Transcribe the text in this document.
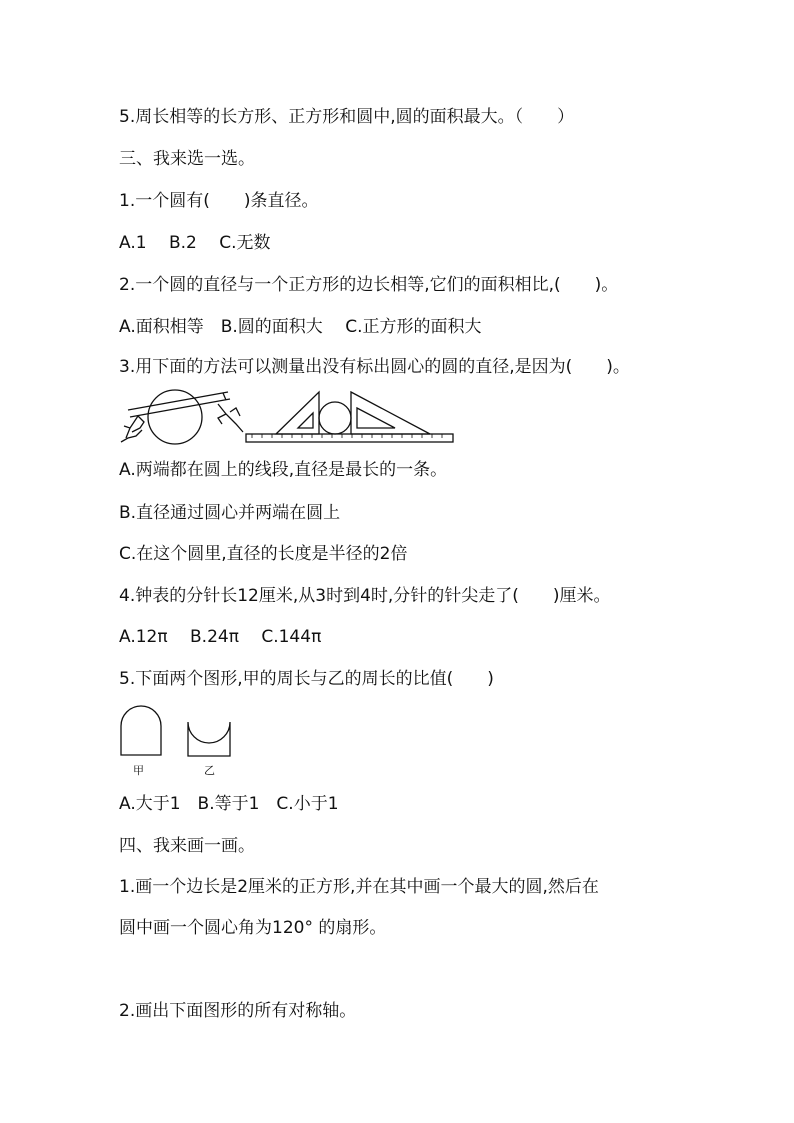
5.周长相等的长方形、正方形和圆中,圆的面积最大。（　　）
三、我来选一选。
1.一个圆有(　　)条直径。
A.1　 B.2　 C.无数
2.一个圆的直径与一个正方形的边长相等,它们的面积相比,(　　)。
A.面积相等　B.圆的面积大　 C.正方形的面积大
3.用下面的方法可以测量出没有标出圆心的圆的直径,是因为(　　)。
A.两端都在圆上的线段,直径是最长的一条。
B.直径通过圆心并两端在圆上
C.在这个圆里,直径的长度是半径的2倍
4.钟表的分针长12厘米,从3时到4时,分针的针尖走了(　　)厘米。
A.12π　 B.24π　 C.144π
5.下面两个图形,甲的周长与乙的周长的比值(　　)
甲	乙
A.大于1　B.等于1　C.小于1
四、我来画一画。
1.画一个边长是2厘米的正方形,并在其中画一个最大的圆,然后在
圆中画一个圆心角为120° 的扇形。
2.画出下面图形的所有对称轴。
